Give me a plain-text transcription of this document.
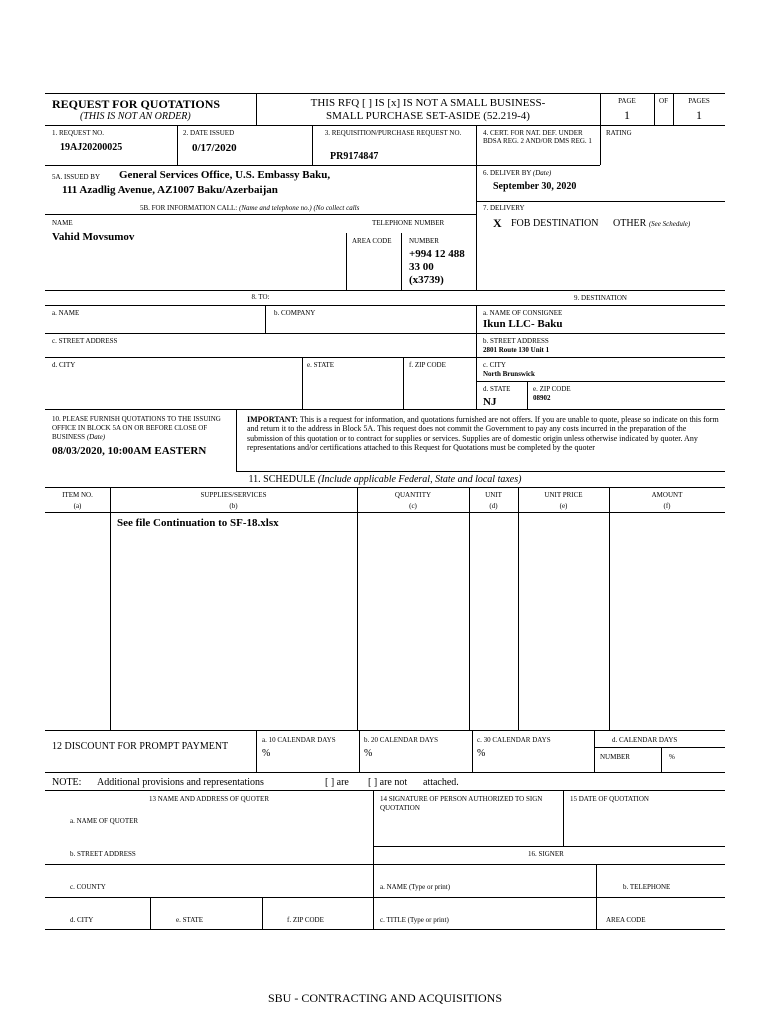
REQUEST FOR QUOTATIONS
(THIS IS NOT AN ORDER)
THIS RFQ [ ] IS [x] IS NOT A SMALL BUSINESS-
SMALL PURCHASE SET-ASIDE (52.219-4)
PAGE
1
OF	PAGES
1
1. REQUEST NO.
19AJ20200025
2. DATE ISSUED
0/17/2020
3. REQUISITION/PURCHASE REQUEST NO.
PR9174847
4. CERT. FOR NAT. DEF. UNDER BDSA REG. 2 AND/OR DMS REG. 1
RATING
5A. ISSUED BY General Services Office, U.S. Embassy Baku,
111 Azadlig Avenue, AZ1007 Baku/Azerbaijan
6. DELIVER BY (Date)
September 30, 2020
5B. FOR INFORMATION CALL: (Name and telephone no.) (No collect calls
NAME
Vahid Movsumov
TELEPHONE NUMBER
AREA CODE	NUMBER
+994 12 488
33 00
(x3739)
7. DELIVERY
X FOB DESTINATION OTHER (See Schedule)
8. TO:	9. DESTINATION
a. NAME	b. COMPANY	a. NAME OF CONSIGNEE
Ikun LLC- Baku
c. STREET ADDRESS	b. STREET ADDRESS
2801 Route 130 Unit 1
d. CITY	e. STATE	f. ZIP CODE	c. CITY
North Brunswick
d. STATE
NJ
e. ZIP CODE
08902
10. PLEASE FURNISH QUOTATIONS TO THE ISSUING OFFICE IN BLOCK 5A ON OR BEFORE CLOSE OF BUSINESS (Date)
08/03/2020, 10:00AM EASTERN
IMPORTANT: This is a request for information, and quotations furnished are not offers. If you are unable to quote, please so indicate on this form and return it to the address in Block 5A. This request does not commit the Government to pay any costs incurred in the preparation of the submission of this quotation or to contract for supplies or services. Supplies are of domestic origin unless otherwise indicated by quoter. Any representations and/or certifications attached to this Request for Quotations must be completed by the quoter
11. SCHEDULE (Include applicable Federal, State and local taxes)
ITEM NO.
(a)
SUPPLIES/SERVICES
(b)
QUANTITY
(c)
UNIT
(d)
UNIT PRICE
(e)
AMOUNT
(f)
See file Continuation to SF-18.xlsx
12 DISCOUNT FOR PROMPT PAYMENT
a. 10 CALENDAR DAYS
%
b. 20 CALENDAR DAYS
%
c. 30 CALENDAR DAYS
%
d. CALENDAR DAYS
NUMBER	%
NOTE: Additional provisions and representations	[ ] are [ ] are not attached.
13 NAME AND ADDRESS OF QUOTER	14 SIGNATURE OF PERSON AUTHORIZED TO SIGN QUOTATION
15 DATE OF QUOTATION
a. NAME OF QUOTER
b. STREET ADDRESS	16. SIGNER
c. COUNTY	a. NAME (Type or print)	b. TELEPHONE
d. CITY	e. STATE	f. ZIP CODE	c. TITLE (Type or print)	AREA CODE
SBU - CONTRACTING AND ACQUISITIONS
